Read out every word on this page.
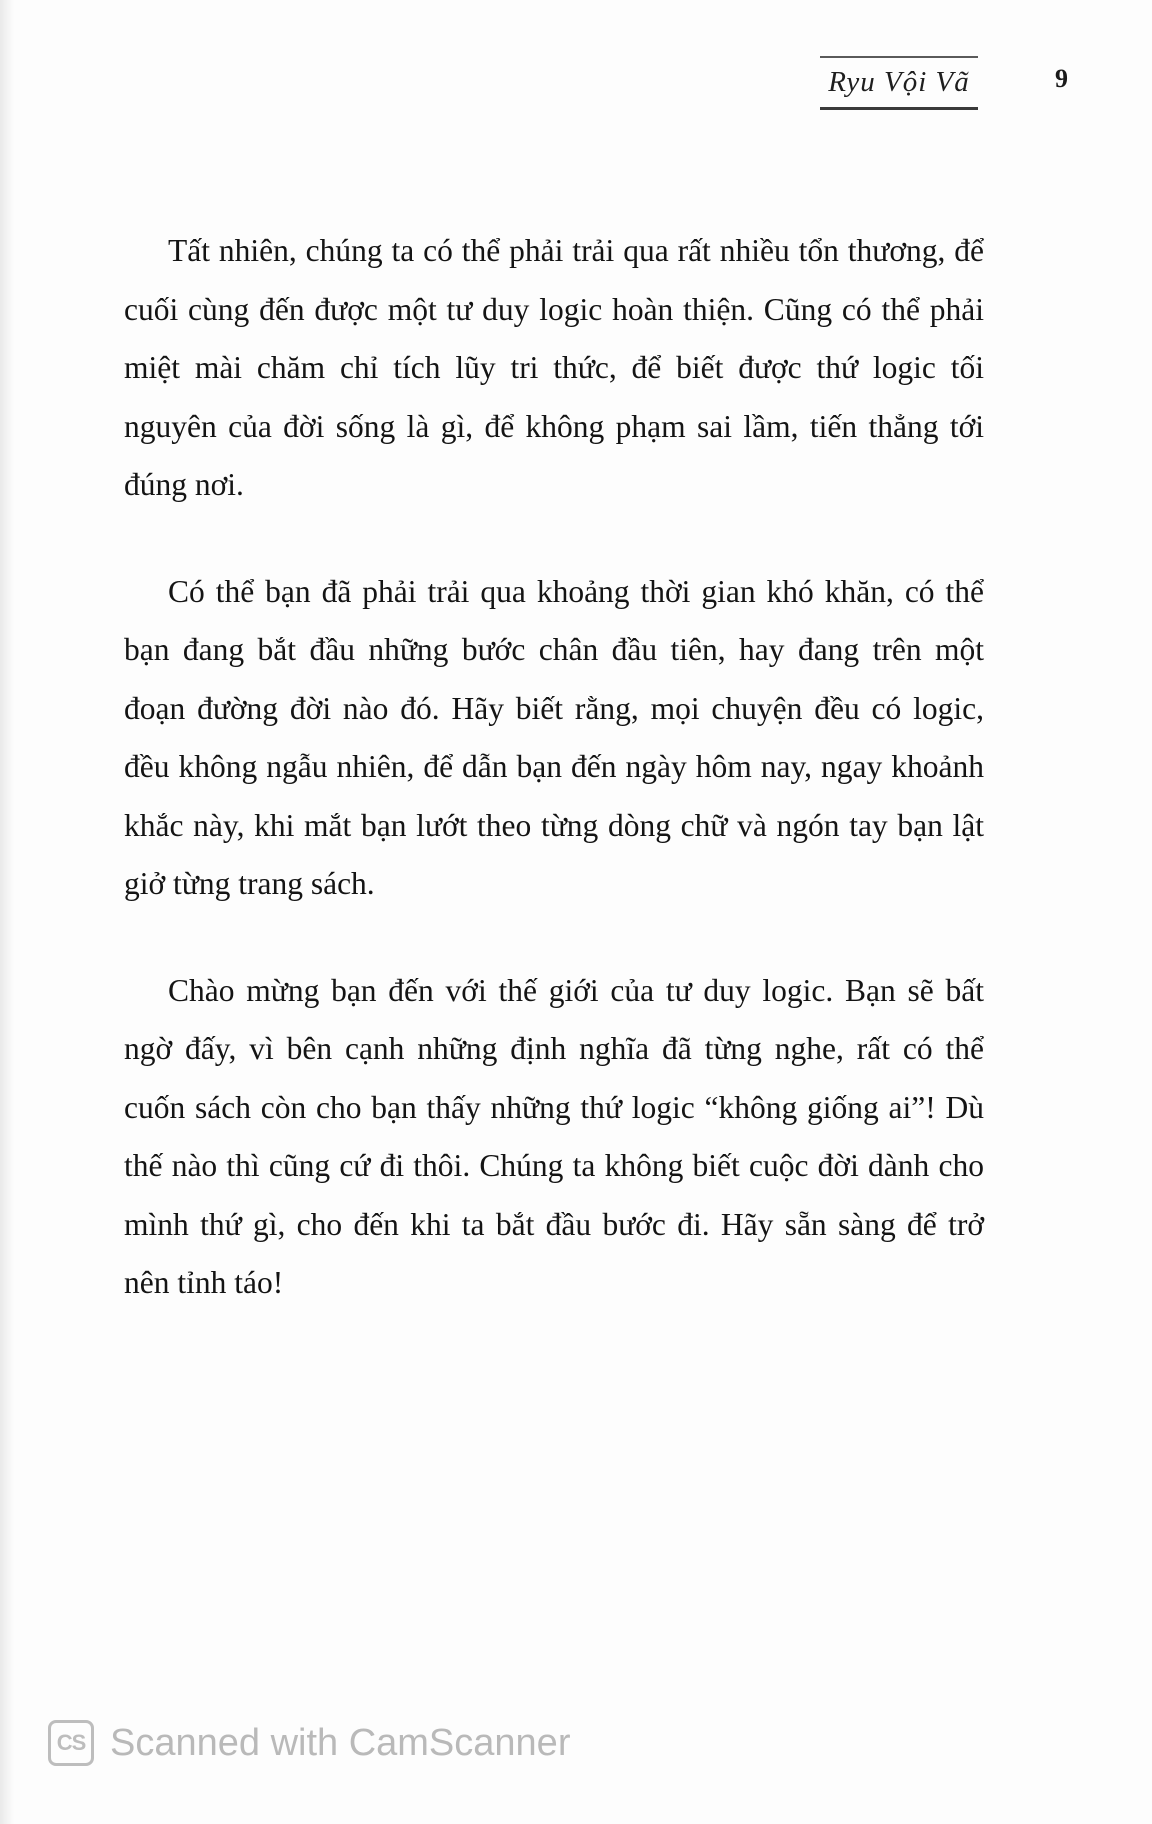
Ryu Vội Vã	9

Tất nhiên, chúng ta có thể phải trải qua rất nhiều tổn thương, để cuối cùng đến được một tư duy logic hoàn thiện. Cũng có thể phải miệt mài chăm chỉ tích lũy tri thức, để biết được thứ logic tối nguyên của đời sống là gì, để không phạm sai lầm, tiến thẳng tới đúng nơi.

Có thể bạn đã phải trải qua khoảng thời gian khó khăn, có thể bạn đang bắt đầu những bước chân đầu tiên, hay đang trên một đoạn đường đời nào đó. Hãy biết rằng, mọi chuyện đều có logic, đều không ngẫu nhiên, để dẫn bạn đến ngày hôm nay, ngay khoảnh khắc này, khi mắt bạn lướt theo từng dòng chữ và ngón tay bạn lật giở từng trang sách.

Chào mừng bạn đến với thế giới của tư duy logic. Bạn sẽ bất ngờ đấy, vì bên cạnh những định nghĩa đã từng nghe, rất có thể cuốn sách còn cho bạn thấy những thứ logic “không giống ai”! Dù thế nào thì cũng cứ đi thôi. Chúng ta không biết cuộc đời dành cho mình thứ gì, cho đến khi ta bắt đầu bước đi. Hãy sẵn sàng để trở nên tỉnh táo!

CS Scanned with CamScanner
